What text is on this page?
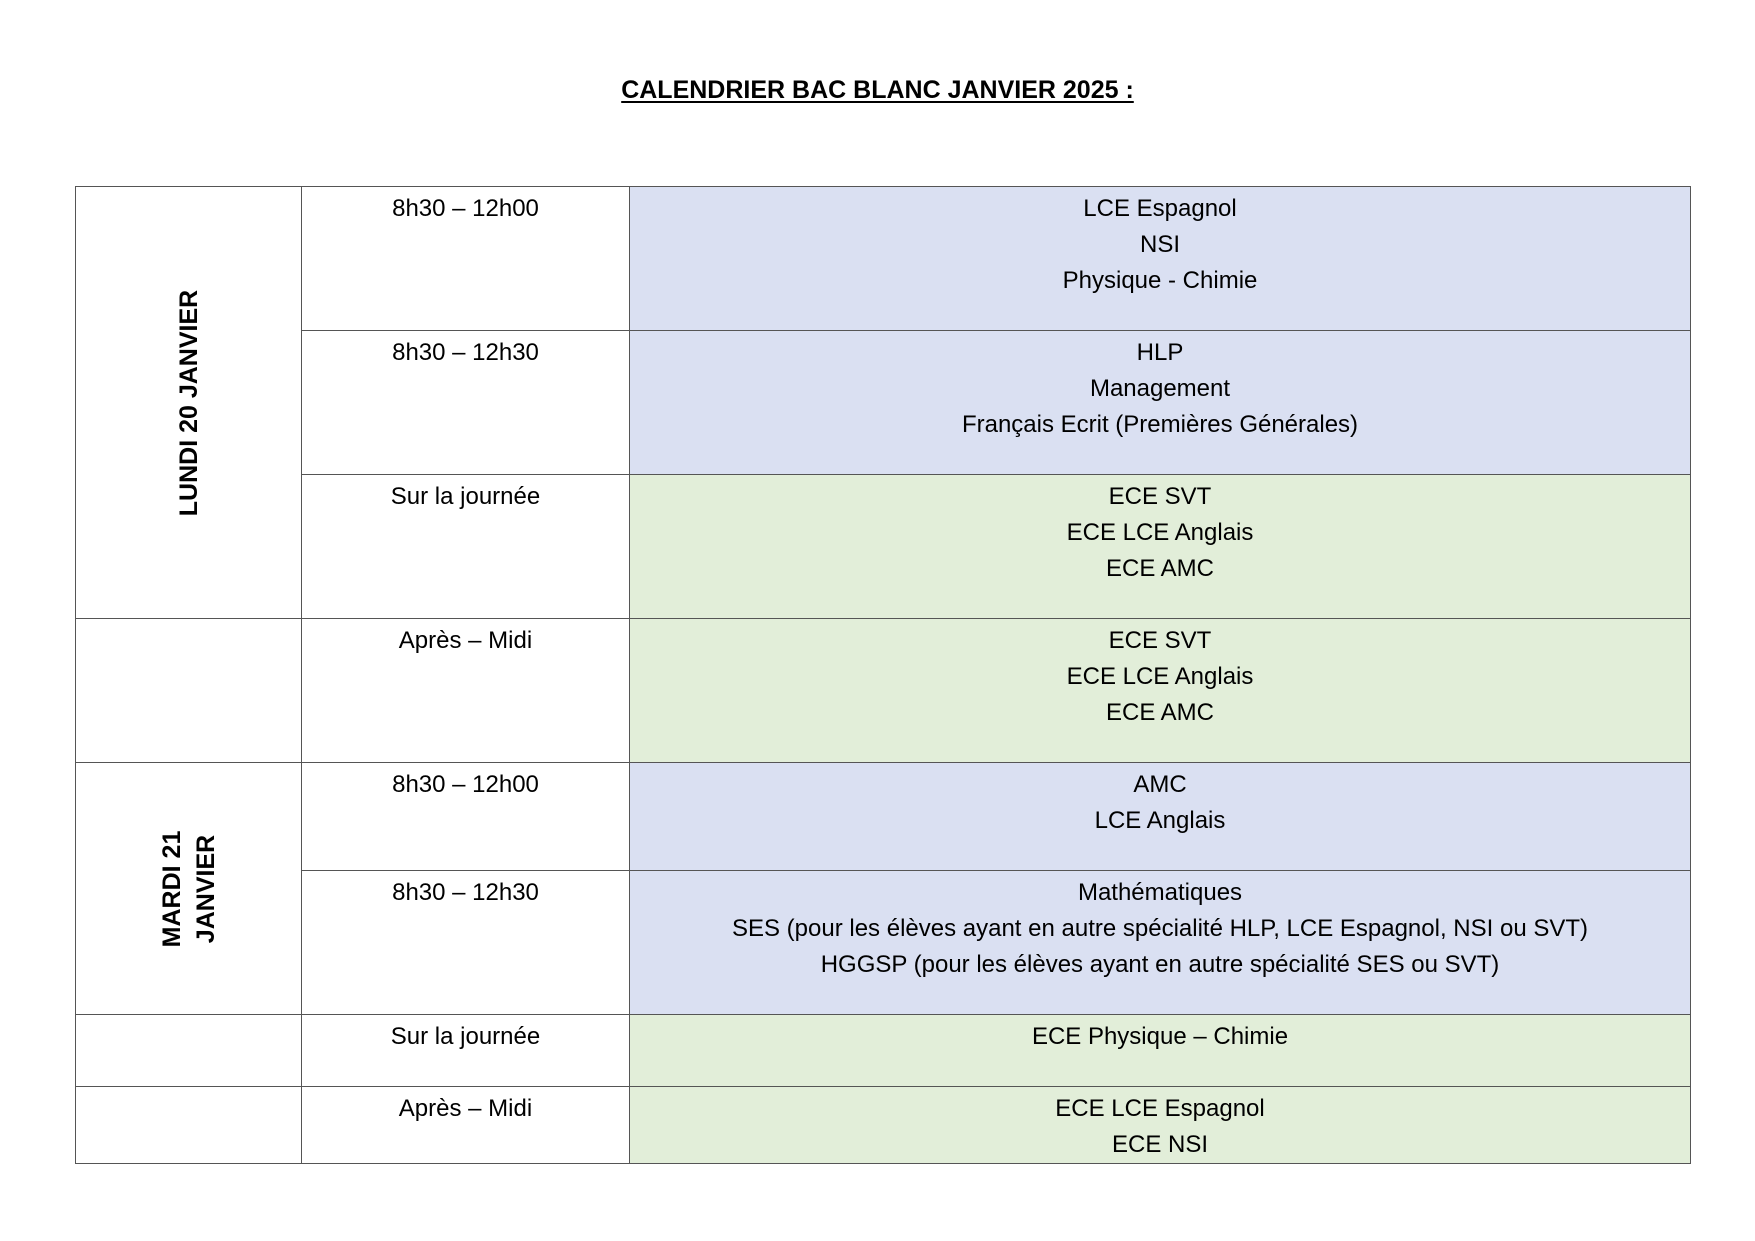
CALENDRIER BAC BLANC JANVIER 2025 :
LUNDI 20 JANVIER	8h30 – 12h00	LCE Espagnol
NSI
Physique - Chimie

	8h30 – 12h30	HLP
Management
Français Ecrit (Premières Générales)

	Sur la journée	ECE SVT
ECE LCE Anglais
ECE AMC

	Après – Midi	ECE SVT
ECE LCE Anglais
ECE AMC

MARDI 21 JANVIER	8h30 – 12h00	AMC
LCE Anglais

	8h30 – 12h30	Mathématiques
SES (pour les élèves ayant en autre spécialité HLP, LCE Espagnol, NSI ou SVT)
HGGSP (pour les élèves ayant en autre spécialité SES ou SVT)

	Sur la journée	ECE Physique – Chimie

	Après – Midi	ECE LCE Espagnol
ECE NSI
